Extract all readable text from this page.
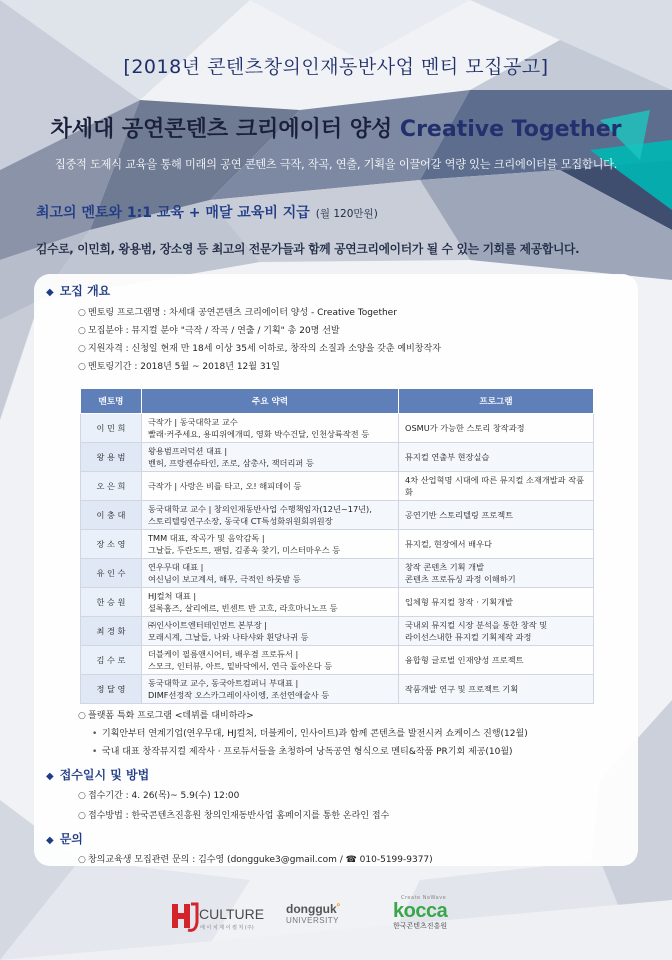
[2018년 콘텐츠창의인재동반사업 멘티 모집공고]
차세대 공연콘텐츠 크리에이터 양성 Creative Together
집중적 도제식 교육을 통해 미래의 공연 콘텐츠 극작, 작곡, 연출, 기획을 이끌어갈 역량 있는 크리에이터를 모집합니다.
최고의 멘토와 1:1 교육 + 매달 교육비 지급 (월 120만원)
김수로, 이민희, 왕용범, 장소영 등 최고의 전문가들과 함께 공연크리에이터가 될 수 있는 기회를 제공합니다.
◆ 모집 개요
○ 멘토링 프로그램명 : 차세대 공연콘텐츠 크리에이터 양성 - Creative Together
○ 모집분야 : 뮤지컬 분야 "극작 / 작곡 / 연출 / 기획" 총 20명 선발
○ 지원자격 : 신청일 현재 만 18세 이상 35세 이하로, 창작의 소질과 소양을 갖춘 예비창작자
○ 멘토링기간 : 2018년 5월 ~ 2018년 12월 31일
멘토명	주요 약력	프로그램
이 민 희	극작가 | 동국대학교 교수
빨래·커주세요, 용띠위에개띠, 영화 박수건달, 인천상륙작전 등	OSMU가 가능한 스토리 창작과정

왕 용 범	왕용범프러덕션 대표 |
벤허, 프랑켄슈타인, 조로, 삼총사, 잭더리퍼 등	뮤지컬 연출부 현장실습

오 은 희	극작가 | 사랑은 비를 타고, 오! 해피데이 등	4차 산업혁명 시대에 따른 뮤지컬 소재개발과 작품화

이 충 대	동국대학교 교수 | 창의인재동반사업 수행책임자(12년~17년),
스토리텔링연구소장, 동국대 CT특성화위원회위원장	공연기반 스토리텔링 프로젝트

장 소 영	TMM 대표, 작곡가 및 음악감독 |
그날들, 두란도트, 팬텀, 김종욱 찾기, 미스터마우스 등	뮤지컬, 현장에서 배우다

유 인 수	연우무대 대표 |
여신님이 보고계셔, 해무, 극적인 하룻밤 등	창작 콘텐츠 기획 개발
콘텐츠 프로듀싱 과정 이해하기

한 승 원	HJ컬처 대표 |
셜록홈즈, 살리에르, 빈센트 반 고흐, 라흐마니노프 등	입체형 뮤지컬 창작 · 기획개발

최 경 화	㈜인사이트엔터테인먼트 본부장 |
모래시계, 그날들, 나와 나타샤와 흰당나귀 등	국내외 뮤지컬 시장 분석을 통한 창작 및
라이선스내한 뮤지컬 기획제작 과정

김 수 로	더블케이 필름앤시어터, 배우겸 프로듀서 |
스모크, 인터뷰, 아트, 밑바닥에서, 연극 돌아온다 등	융합형 글로벌 인재양성 프로젝트

정 달 영	동국대학교 교수, 동국아트컴퍼니 부대표 |
DIMF선정작 오스카그레이사이엥, 조선연애술사 등	작품개발 연구 및 프로젝트 기획
○ 플랫폼 특화 프로그램 <데뷔를 대비하라>
• 기획안부터 연계기업(연우무대, HJ컬처, 더블케이, 인사이트)과 함께 콘텐츠를 발전시켜 쇼케이스 진행(12월)
• 국내 대표 창작뮤지컬 제작사 · 프로듀서들을 초청하여 낭독공연 형식으로 멘티&작품 PR기회 제공(10월)
◆ 접수일시 및 방법
○ 접수기간 : 4. 26(목)~ 5.9(수) 12:00
○ 접수방법 : 한국콘텐츠진흥원 창의인재동반사업 홈페이지를 통한 온라인 접수
◆ 문의
○ 창의교육생 모집관련 문의 : 김수영 (dongguke3@gmail.com / ☎ 010-5199-9377)
CULTURE
에 이 치 제 이 컬 처 (주)
dongguk˚
UNIVERSITY
Create NeWave
kocca
한국콘텐츠진흥원
